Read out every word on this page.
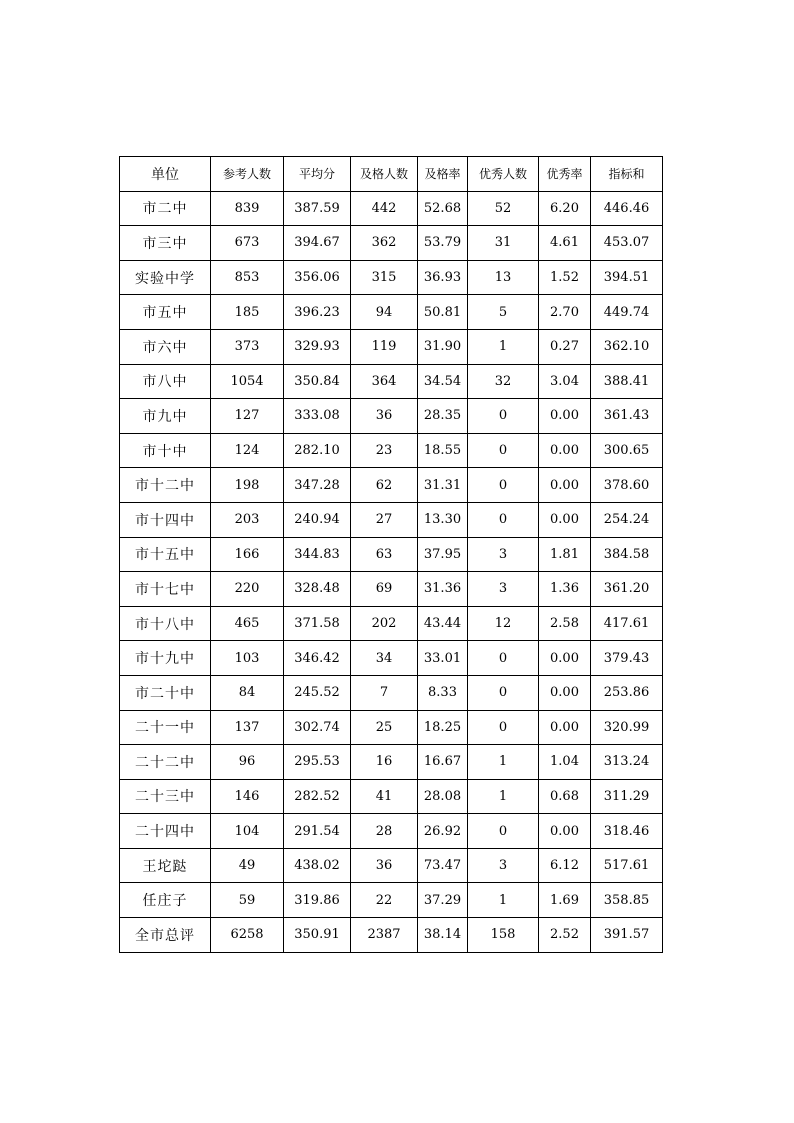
单位	参考人数	平均分	及格人数	及格率	优秀人数	优秀率	指标和
市二中	839	387.59	442	52.68	52	6.20	446.46
市三中	673	394.67	362	53.79	31	4.61	453.07
实验中学	853	356.06	315	36.93	13	1.52	394.51
市五中	185	396.23	94	50.81	5	2.70	449.74
市六中	373	329.93	119	31.90	1	0.27	362.10
市八中	1054	350.84	364	34.54	32	3.04	388.41
市九中	127	333.08	36	28.35	0	0.00	361.43
市十中	124	282.10	23	18.55	0	0.00	300.65
市十二中	198	347.28	62	31.31	0	0.00	378.60
市十四中	203	240.94	27	13.30	0	0.00	254.24
市十五中	166	344.83	63	37.95	3	1.81	384.58
市十七中	220	328.48	69	31.36	3	1.36	361.20
市十八中	465	371.58	202	43.44	12	2.58	417.61
市十九中	103	346.42	34	33.01	0	0.00	379.43
市二十中	84	245.52	7	8.33	0	0.00	253.86
二十一中	137	302.74	25	18.25	0	0.00	320.99
二十二中	96	295.53	16	16.67	1	1.04	313.24
二十三中	146	282.52	41	28.08	1	0.68	311.29
二十四中	104	291.54	28	26.92	0	0.00	318.46
王坨跶	49	438.02	36	73.47	3	6.12	517.61
任庄子	59	319.86	22	37.29	1	1.69	358.85
全市总评	6258	350.91	2387	38.14	158	2.52	391.57
